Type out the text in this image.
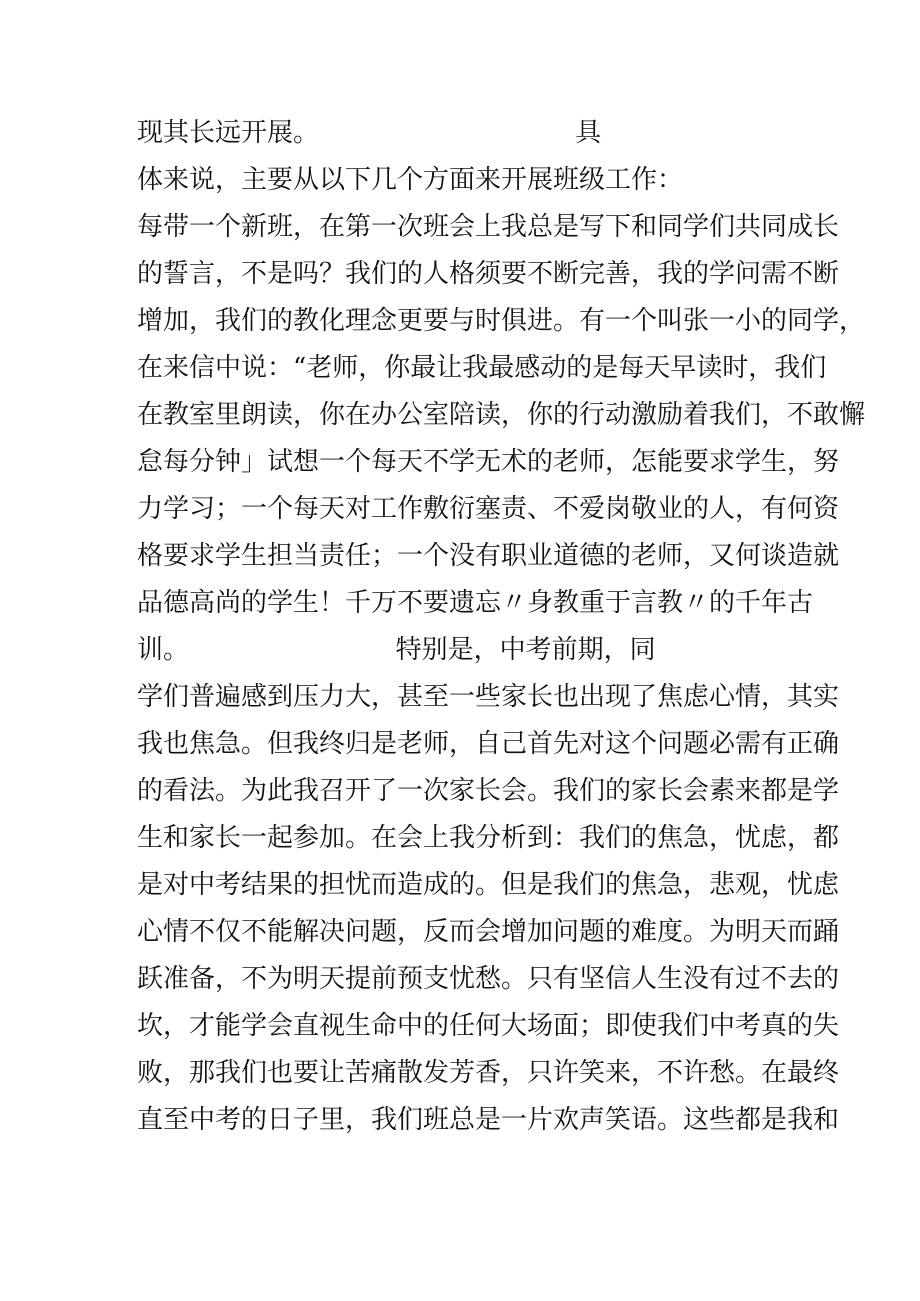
现其长远开展。                               具
体来说，主要从以下几个方面来开展班级工作：
每带一个新班，在第一次班会上我总是写下和同学们共同成长
的誓言，不是吗？我们的人格须要不断完善，我的学问需不断
增加，我们的教化理念更要与时俱进。有一个叫张一小的同学，
在来信中说：“老师，你最让我最感动的是每天早读时，我们
在教室里朗读，你在办公室陪读，你的行动激励着我们，不敢懈
怠每分钟」试想一个每天不学无术的老师，怎能要求学生，努
力学习；一个每天对工作敷衍塞责、不爱岗敬业的人，有何资
格要求学生担当责任；一个没有职业道德的老师，又何谈造就
品德高尚的学生！千万不要遗忘〃身教重于言教〃的千年古
训。                         特别是，中考前期，同
学们普遍感到压力大，甚至一些家长也出现了焦虑心情，其实
我也焦急。但我终归是老师，自己首先对这个问题必需有正确
的看法。为此我召开了一次家长会。我们的家长会素来都是学
生和家长一起参加。在会上我分析到：我们的焦急，忧虑，都
是对中考结果的担忧而造成的。但是我们的焦急，悲观，忧虑
心情不仅不能解决问题，反而会增加问题的难度。为明天而踊
跃准备，不为明天提前预支忧愁。只有坚信人生没有过不去的
坎，才能学会直视生命中的任何大场面；即使我们中考真的失
败，那我们也要让苦痛散发芳香，只许笑来，不许愁。在最终
直至中考的日子里，我们班总是一片欢声笑语。这些都是我和
